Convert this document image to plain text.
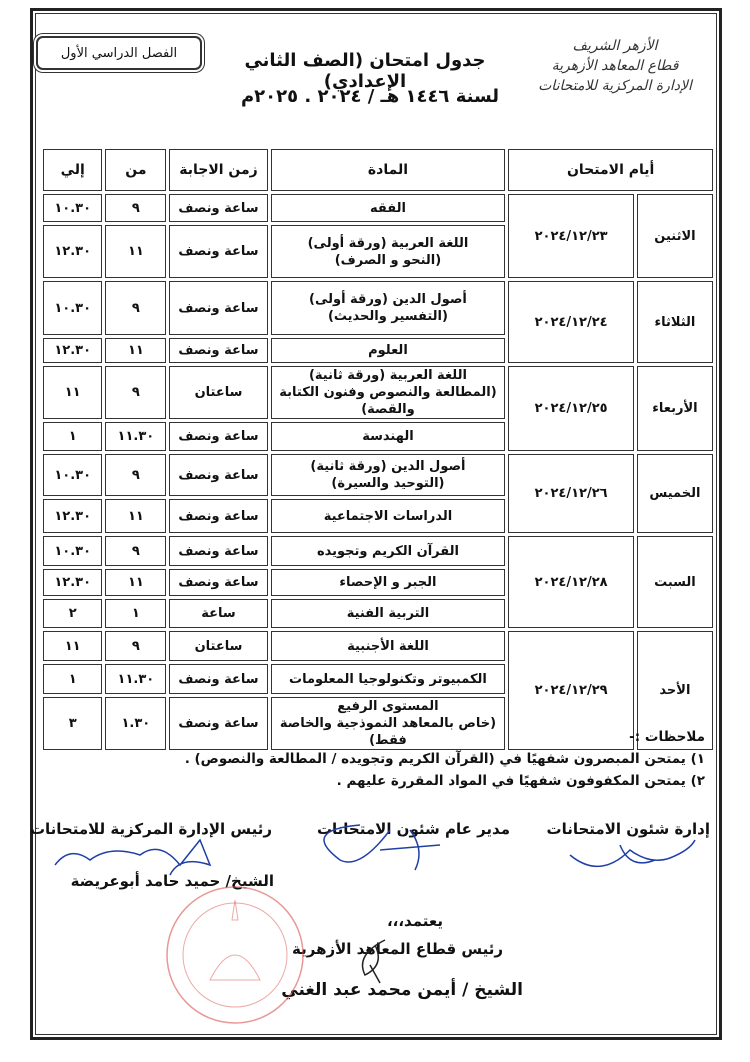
الأزهر الشريف
قطاع المعاهد الأزهرية
الإدارة المركزية للامتحانات
الفصل الدراسي الأول	جدول امتحان (الصف الثاني الإعدادي)
لسنة ١٤٤٦ هـ / ٢٠٢٤ . ٢٠٢٥م
أيام الامتحان		المادة	زمن الاجابة	من	إلي
الاثنين	٢٠٢٤/١٢/٢٣	الفقه	ساعة ونصف	٩	١٠.٣٠
		اللغة العربية (ورقة أولى)
(النحو و الصرف)	ساعة ونصف	١١	١٢.٣٠
الثلاثاء	٢٠٢٤/١٢/٢٤	أصول الدين (ورقة أولى)
(التفسير والحديث)	ساعة ونصف	٩	١٠.٣٠
		العلوم	ساعة ونصف	١١	١٢.٣٠
الأربعاء	٢٠٢٤/١٢/٢٥	اللغة العربية (ورقة ثانية)
(المطالعة والنصوص وفنون الكتابة والقصة)	ساعتان	٩	١١
		الهندسة	ساعة ونصف	١١.٣٠	١
الخميس	٢٠٢٤/١٢/٢٦	أصول الدين (ورقة ثانية)
(التوحيد والسيرة)	ساعة ونصف	٩	١٠.٣٠
		الدراسات الاجتماعية	ساعة ونصف	١١	١٢.٣٠
السبت	٢٠٢٤/١٢/٢٨	القرآن الكريم وتجويده	ساعة ونصف	٩	١٠.٣٠
		الجبر و الإحصاء	ساعة ونصف	١١	١٢.٣٠
		التربية الفنية	ساعة	١	٢
الأحد	٢٠٢٤/١٢/٢٩	اللغة الأجنبية	ساعتان	٩	١١
		الكمبيوتر وتكنولوجيا المعلومات	ساعة ونصف	١١.٣٠	١
		المستوى الرفيع
(خاص بالمعاهد النموذجية والخاصة فقط)	ساعة ونصف	١.٣٠	٣
ملاحظات :-
١) يمتحن المبصرون شفهيًا في (القرآن الكريم وتجويده / المطالعة والنصوص) .
٢) يمتحن المكفوفون شفهيًا في المواد المقررة عليهم .
إدارة شئون الامتحانات
مدير عام شئون الامتحانات
رئيس الإدارة المركزية للامتحانات
الشيخ/ حميد حامد أبوعريضة
يعتمد،،،
رئيس قطاع المعاهد الأزهرية
الشيخ / أيمن محمد عبد الغني
